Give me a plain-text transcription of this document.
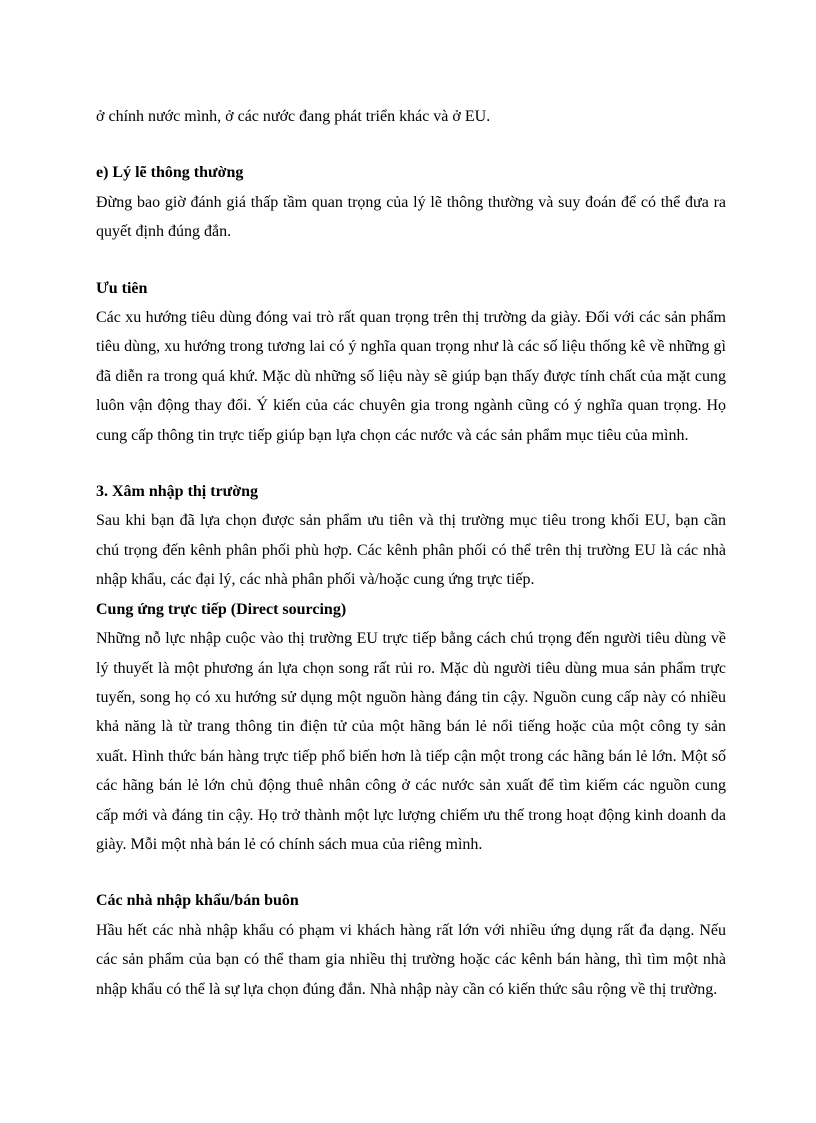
ở chính nước mình, ở các nước đang phát triển khác và ở EU.

e) Lý lẽ thông thường

Đừng bao giờ đánh giá thấp tầm quan trọng của lý lẽ thông thường và suy đoán để có thể đưa ra quyết định đúng đắn.

Ưu tiên

Các xu hướng tiêu dùng đóng vai trò rất quan trọng trên thị trường da giày. Đối với các sản phẩm tiêu dùng, xu hướng trong tương lai có ý nghĩa quan trọng như là các số liệu thống kê về những gì đã diễn ra trong quá khứ. Mặc dù những số liệu này sẽ giúp bạn thấy được tính chất của mặt cung luôn vận động thay đổi. Ý kiến của các chuyên gia trong ngành cũng có ý nghĩa quan trọng. Họ cung cấp thông tin trực tiếp giúp bạn lựa chọn các nước và các sản phẩm mục tiêu của mình.

3. Xâm nhập thị trường

Sau khi bạn đã lựa chọn được sản phẩm ưu tiên và thị trường mục tiêu trong khối EU, bạn cần chú trọng đến kênh phân phối phù hợp. Các kênh phân phối có thể trên thị trường EU là các nhà nhập khẩu, các đại lý, các nhà phân phối và/hoặc cung ứng trực tiếp.

Cung ứng trực tiếp (Direct sourcing)

Những nỗ lực nhập cuộc vào thị trường EU trực tiếp bằng cách chú trọng đến người tiêu dùng về lý thuyết là một phương án lựa chọn song rất rủi ro. Mặc dù người tiêu dùng mua sản phẩm trực tuyến, song họ có xu hướng sử dụng một nguồn hàng đáng tin cậy. Nguồn cung cấp này có nhiều khả năng là từ trang thông tin điện tử của một hãng bán lẻ nổi tiếng hoặc của một công ty sản xuất. Hình thức bán hàng trực tiếp phổ biến hơn là tiếp cận một trong các hãng bán lẻ lớn. Một số các hãng bán lẻ lớn chủ động thuê nhân công ở các nước sản xuất để tìm kiếm các nguồn cung cấp mới và đáng tin cậy. Họ trở thành một lực lượng chiếm ưu thế trong hoạt động kinh doanh da giày. Mỗi một nhà bán lẻ có chính sách mua của riêng mình.

Các nhà nhập khẩu/bán buôn

Hầu hết các nhà nhập khẩu có phạm vi khách hàng rất lớn với nhiều ứng dụng rất đa dạng. Nếu các sản phẩm của bạn có thể tham gia nhiều thị trường hoặc các kênh bán hàng, thì tìm một nhà nhập khẩu có thể là sự lựa chọn đúng đắn. Nhà nhập này cần có kiến thức sâu rộng về thị trường.
